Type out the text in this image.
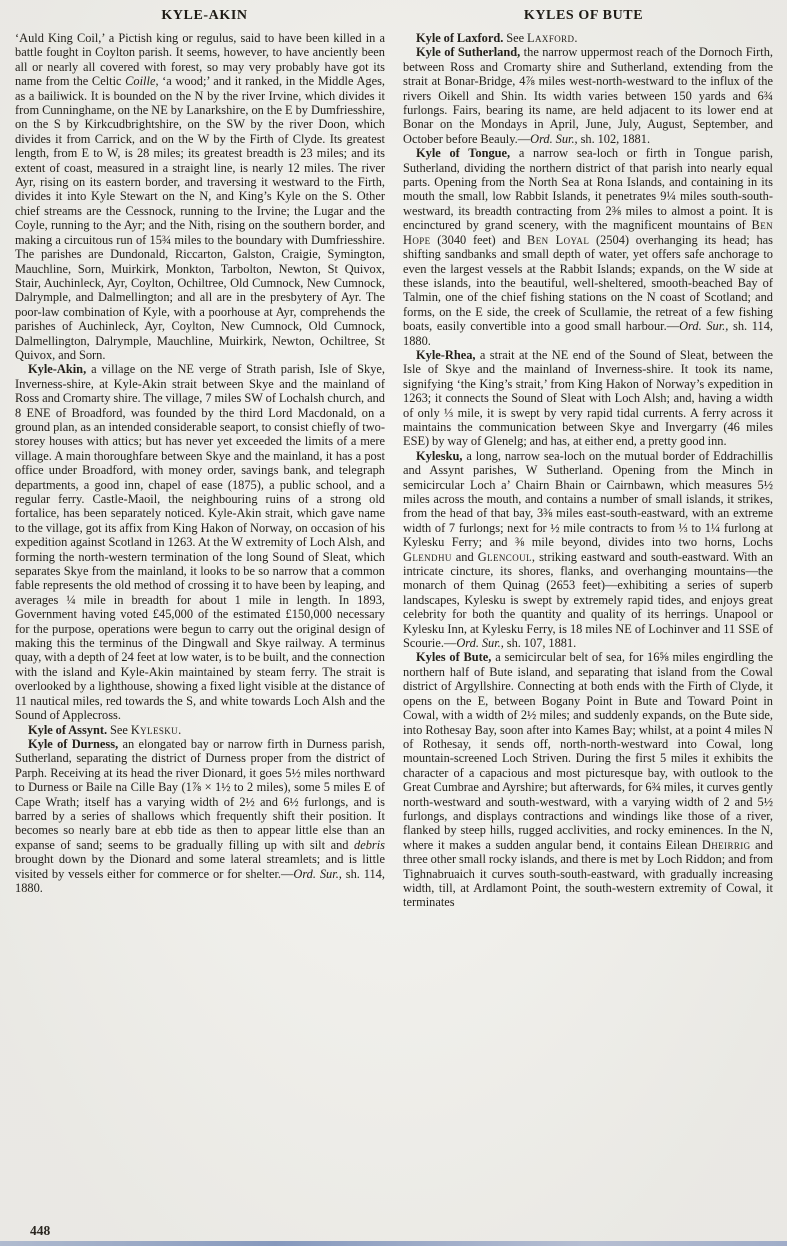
KYLE-AKIN	KYLES OF BUTE

‘Auld King Coil,’ a Pictish king or regulus, said to have been killed in a battle fought in Coylton parish. It seems, however, to have anciently been all or nearly all covered with forest, so may very probably have got its name from the Celtic Coille, ‘a wood;’ and it ranked, in the Middle Ages, as a bailiwick. It is bounded on the N by the river Irvine, which divides it from Cunninghame, on the NE by Lanarkshire, on the E by Dumfriesshire, on the S by Kirkcudbrightshire, on the SW by the river Doon, which divides it from Carrick, and on the W by the Firth of Clyde. Its greatest length, from E to W, is 28 miles; its greatest breadth is 23 miles; and its extent of coast, measured in a straight line, is nearly 12 miles. The river Ayr, rising on its eastern border, and traversing it westward to the Firth, divides it into Kyle Stewart on the N, and King’s Kyle on the S. Other chief streams are the Cessnock, running to the Irvine; the Lugar and the Coyle, running to the Ayr; and the Nith, rising on the southern border, and making a circuitous run of 15¾ miles to the boundary with Dumfriesshire. The parishes are Dundonald, Riccarton, Galston, Craigie, Symington, Mauchline, Sorn, Muirkirk, Monkton, Tarbolton, Newton, St Quivox, Stair, Auchinleck, Ayr, Coylton, Ochiltree, Old Cumnock, New Cumnock, Dalrymple, and Dalmellington; and all are in the presbytery of Ayr. The poor-law combination of Kyle, with a poorhouse at Ayr, comprehends the parishes of Auchinleck, Ayr, Coylton, New Cumnock, Old Cumnock, Dalmellington, Dalrymple, Mauchline, Muirkirk, Newton, Ochiltree, St Quivox, and Sorn.

Kyle-Akin, a village on the NE verge of Strath parish, Isle of Skye, Inverness-shire, at Kyle-Akin strait between Skye and the mainland of Ross and Cromarty shire. The village, 7 miles SW of Lochalsh church, and 8 ENE of Broadford, was founded by the third Lord Macdonald, on a ground plan, as an intended considerable seaport, to consist chiefly of two-storey houses with attics; but has never yet exceeded the limits of a mere village. A main thoroughfare between Skye and the mainland, it has a post office under Broadford, with money order, savings bank, and telegraph departments, a good inn, chapel of ease (1875), a public school, and a regular ferry. Castle-Maoil, the neighbouring ruins of a strong old fortalice, has been separately noticed. Kyle-Akin strait, which gave name to the village, got its affix from King Hakon of Norway, on occasion of his expedition against Scotland in 1263. At the W extremity of Loch Alsh, and forming the north-western termination of the long Sound of Sleat, which separates Skye from the mainland, it looks to be so narrow that a common fable represents the old method of crossing it to have been by leaping, and averages ¼ mile in breadth for about 1 mile in length. In 1893, Government having voted £45,000 of the estimated £150,000 necessary for the purpose, operations were begun to carry out the original design of making this the terminus of the Dingwall and Skye railway. A terminus quay, with a depth of 24 feet at low water, is to be built, and the connection with the island and Kyle-Akin maintained by steam ferry. The strait is overlooked by a lighthouse, showing a fixed light visible at the distance of 11 nautical miles, red towards the S, and white towards Loch Alsh and the Sound of Applecross.

Kyle of Assynt. See Kylesku.

Kyle of Durness, an elongated bay or narrow firth in Durness parish, Sutherland, separating the district of Durness proper from the district of Parph. Receiving at its head the river Dionard, it goes 5½ miles northward to Durness or Baile na Cille Bay (1⅞ × 1½ to 2 miles), some 5 miles E of Cape Wrath; itself has a varying width of 2½ and 6½ furlongs, and is barred by a series of shallows which frequently shift their position. It becomes so nearly bare at ebb tide as then to appear little else than an expanse of sand; seems to be gradually filling up with silt and debris brought down by the Dionard and some lateral streamlets; and is little visited by vessels either for commerce or for shelter.—Ord. Sur., sh. 114, 1880.

Kyle of Laxford. See Laxford.

Kyle of Sutherland, the narrow uppermost reach of the Dornoch Firth, between Ross and Cromarty shire and Sutherland, extending from the strait at Bonar-Bridge, 4⅞ miles west-north-westward to the influx of the rivers Oikell and Shin. Its width varies between 150 yards and 6¾ furlongs. Fairs, bearing its name, are held adjacent to its lower end at Bonar on the Mondays in April, June, July, August, September, and October before Beauly.—Ord. Sur., sh. 102, 1881.

Kyle of Tongue, a narrow sea-loch or firth in Tongue parish, Sutherland, dividing the northern district of that parish into nearly equal parts. Opening from the North Sea at Rona Islands, and containing in its mouth the small, low Rabbit Islands, it penetrates 9¼ miles south-south-westward, its breadth contracting from 2⅜ miles to almost a point. It is encinctured by grand scenery, with the magnificent mountains of Ben Hope (3040 feet) and Ben Loyal (2504) overhanging its head; has shifting sandbanks and small depth of water, yet offers safe anchorage to even the largest vessels at the Rabbit Islands; expands, on the W side at these islands, into the beautiful, well-sheltered, smooth-beached Bay of Talmin, one of the chief fishing stations on the N coast of Scotland; and forms, on the E side, the creek of Scullamie, the retreat of a few fishing boats, easily convertible into a good small harbour.—Ord. Sur., sh. 114, 1880.

Kyle-Rhea, a strait at the NE end of the Sound of Sleat, between the Isle of Skye and the mainland of Inverness-shire. It took its name, signifying ‘the King’s strait,’ from King Hakon of Norway’s expedition in 1263; it connects the Sound of Sleat with Loch Alsh; and, having a width of only ⅓ mile, it is swept by very rapid tidal currents. A ferry across it maintains the communication between Skye and Invergarry (46 miles ESE) by way of Glenelg; and has, at either end, a pretty good inn.

Kylesku, a long, narrow sea-loch on the mutual border of Eddrachillis and Assynt parishes, W Sutherland. Opening from the Minch in semicircular Loch a’ Chairn Bhain or Cairnbawn, which measures 5½ miles across the mouth, and contains a number of small islands, it strikes, from the head of that bay, 3⅜ miles east-south-eastward, with an extreme width of 7 furlongs; next for ½ mile contracts to from ⅓ to 1¼ furlong at Kylesku Ferry; and ⅜ mile beyond, divides into two horns, Lochs Glendhu and Glencoul, striking eastward and south-eastward. With an intricate cincture, its shores, flanks, and overhanging mountains—the monarch of them Quinag (2653 feet)—exhibiting a series of superb landscapes, Kylesku is swept by extremely rapid tides, and enjoys great celebrity for both the quantity and quality of its herrings. Unapool or Kylesku Inn, at Kylesku Ferry, is 18 miles NE of Lochinver and 11 SSE of Scourie.—Ord. Sur., sh. 107, 1881.

Kyles of Bute, a semicircular belt of sea, for 16⅝ miles engirdling the northern half of Bute island, and separating that island from the Cowal district of Argyllshire. Connecting at both ends with the Firth of Clyde, it opens on the E, between Bogany Point in Bute and Toward Point in Cowal, with a width of 2½ miles; and suddenly expands, on the Bute side, into Rothesay Bay, soon after into Kames Bay; whilst, at a point 4 miles N of Rothesay, it sends off, north-north-westward into Cowal, long mountain-screened Loch Striven. During the first 5 miles it exhibits the character of a capacious and most picturesque bay, with outlook to the Great Cumbrae and Ayrshire; but afterwards, for 6¾ miles, it curves gently north-westward and south-westward, with a varying width of 2 and 5½ furlongs, and displays contractions and windings like those of a river, flanked by steep hills, rugged acclivities, and rocky eminences. In the N, where it makes a sudden angular bend, it contains Eilean Dheirrig and three other small rocky islands, and there is met by Loch Riddon; and from Tighnabruaich it curves south-south-eastward, with gradually increasing width, till, at Ardlamont Point, the south-western extremity of Cowal, it terminates

448
